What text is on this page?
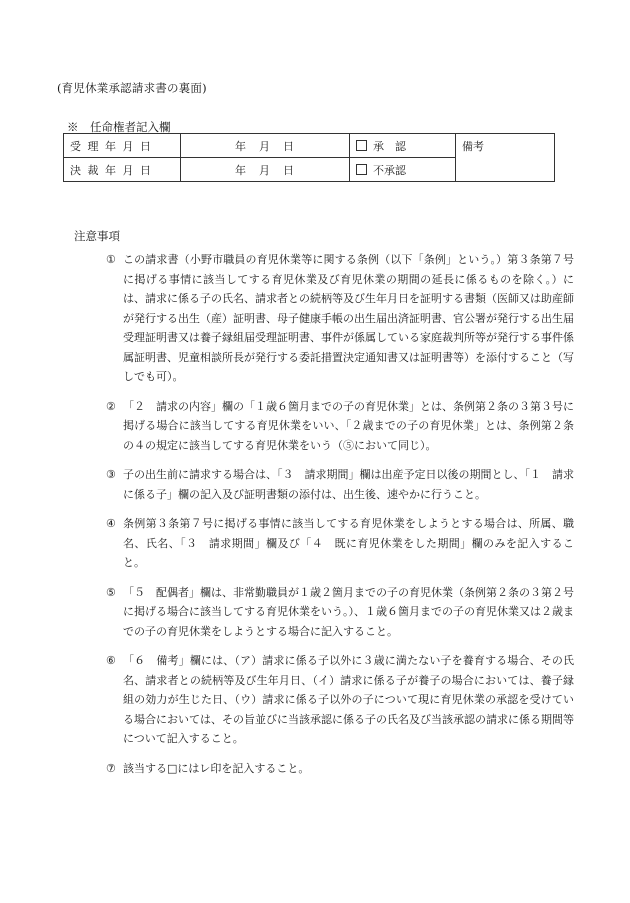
(育児休業承認請求書の裏面)
※　任命権者記入欄
受理年月日	年　月　日	承　認	備考
決裁年月日	年　月　日	不承認	
注意事項
① この請求書（小野市職員の育児休業等に関する条例（以下「条例」という。）第３条第７号に掲げる事情に該当してする育児休業及び育児休業の期間の延長に係るものを除く。）には、請求に係る子の氏名、請求者との続柄等及び生年月日を証明する書類（医師又は助産師が発行する出生（産）証明書、母子健康手帳の出生届出済証明書、官公署が発行する出生届受理証明書又は養子縁組届受理証明書、事件が係属している家庭裁判所等が発行する事件係属証明書、児童相談所長が発行する委託措置決定通知書又は証明書等）を添付すること（写しでも可）。
② 「２　請求の内容」欄の「１歳６箇月までの子の育児休業」とは、条例第２条の３第３号に掲げる場合に該当してする育児休業をいい、「２歳までの子の育児休業」とは、条例第２条の４の規定に該当してする育児休業をいう（⑤において同じ）。
③ 子の出生前に請求する場合は、「３　請求期間」欄は出産予定日以後の期間とし、「１　請求に係る子」欄の記入及び証明書類の添付は、出生後、速やかに行うこと。
④ 条例第３条第７号に掲げる事情に該当してする育児休業をしようとする場合は、所属、職名、氏名、「３　請求期間」欄及び「４　既に育児休業をした期間」欄のみを記入すること。
⑤ 「５　配偶者」欄は、非常勤職員が１歳２箇月までの子の育児休業（条例第２条の３第２号に掲げる場合に該当してする育児休業をいう。）、１歳６箇月までの子の育児休業又は２歳までの子の育児休業をしようとする場合に記入すること。
⑥ 「６　備考」欄には、（ア）請求に係る子以外に３歳に満たない子を養育する場合、その氏名、請求者との続柄等及び生年月日、（イ）請求に係る子が養子の場合においては、養子縁組の効力が生じた日、（ウ）請求に係る子以外の子について現に育児休業の承認を受けている場合においては、その旨並びに当該承認に係る子の氏名及び当該承認の請求に係る期間等について記入すること。
⑦ 該当する□にはレ印を記入すること。
